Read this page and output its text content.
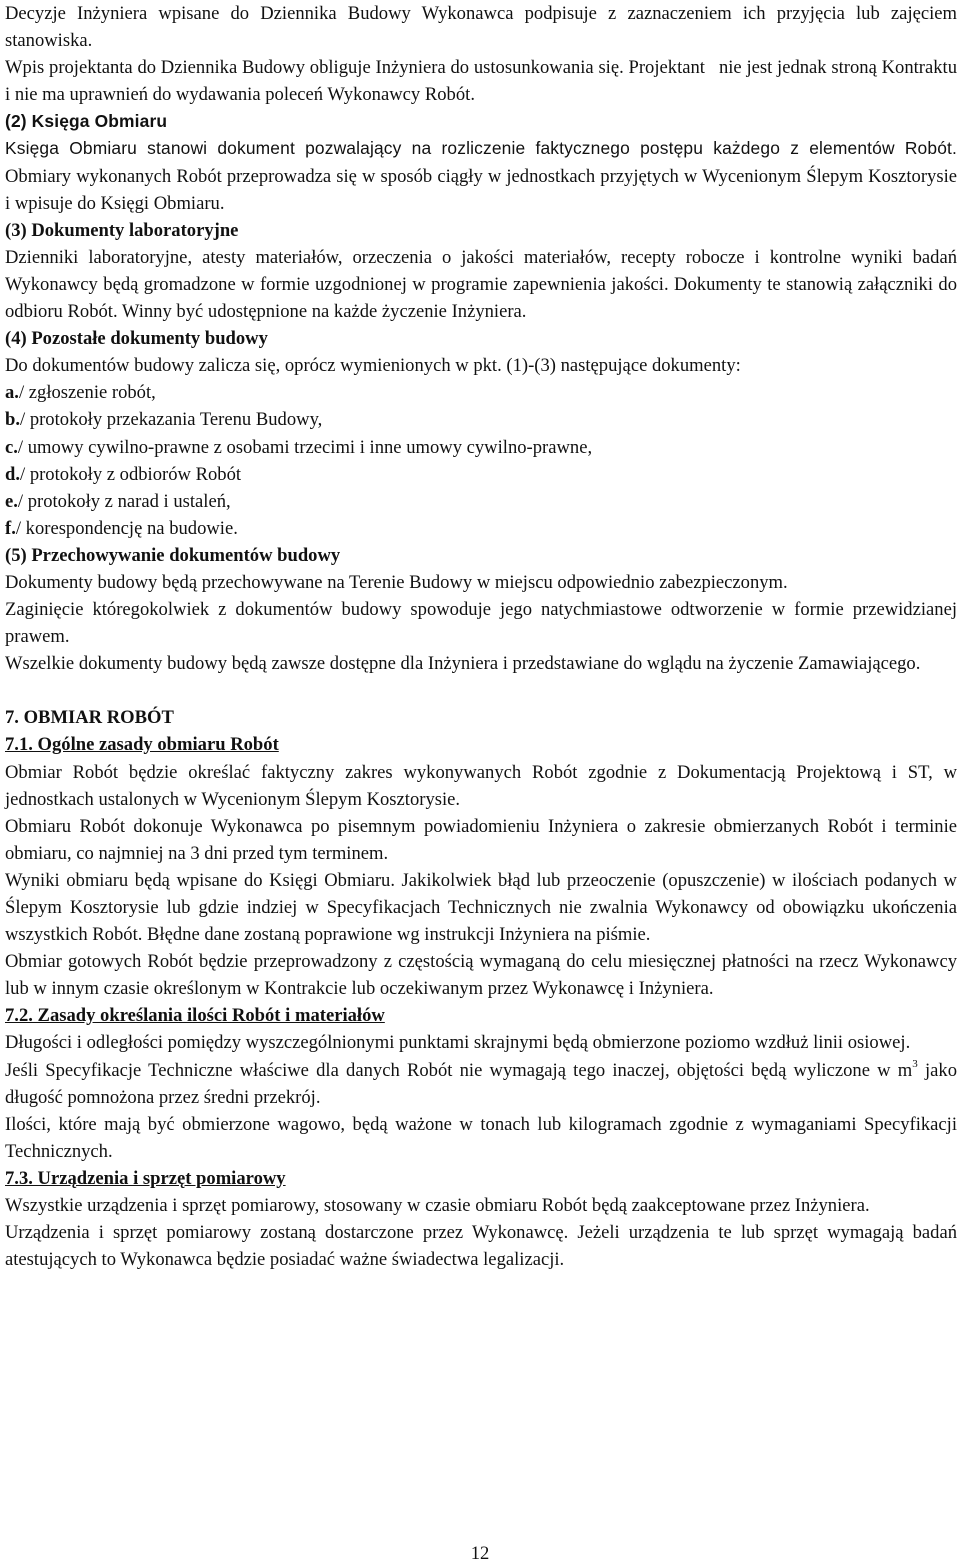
Decyzje Inżyniera wpisane do Dziennika Budowy Wykonawca podpisuje z zaznaczeniem ich przyjęcia lub zajęciem stanowiska.

Wpis projektanta do Dziennika Budowy obliguje Inżyniera do ustosunkowania się. Projektant nie jest jednak stroną Kontraktu i nie ma uprawnień do wydawania poleceń Wykonawcy Robót.

(2) Księga Obmiaru

Księga Obmiaru stanowi dokument pozwalający na rozliczenie faktycznego postępu każdego z elementów Robót. Obmiary wykonanych Robót przeprowadza się w sposób ciągły w jednostkach przyjętych w Wycenionym Ślepym Kosztorysie i wpisuje do Księgi Obmiaru.

(3) Dokumenty laboratoryjne

Dzienniki laboratoryjne, atesty materiałów, orzeczenia o jakości materiałów, recepty robocze i kontrolne wyniki badań Wykonawcy będą gromadzone w formie uzgodnionej w programie zapewnienia jakości. Dokumenty te stanowią załączniki do odbioru Robót. Winny być udostępnione na każde życzenie Inżyniera.

(4) Pozostałe dokumenty budowy

Do dokumentów budowy zalicza się, oprócz wymienionych w pkt. (1)-(3) następujące dokumenty:

a./ zgłoszenie robót,

b./ protokoły przekazania Terenu Budowy,

c./ umowy cywilno-prawne z osobami trzecimi i inne umowy cywilno-prawne,

d./ protokoły z odbiorów Robót

e./ protokoły z narad i ustaleń,

f./ korespondencję na budowie.

(5) Przechowywanie dokumentów budowy

Dokumenty budowy będą przechowywane na Terenie Budowy w miejscu odpowiednio zabezpieczonym.

Zaginięcie któregokolwiek z dokumentów budowy spowoduje jego natychmiastowe odtworzenie w formie przewidzianej prawem.

Wszelkie dokumenty budowy będą zawsze dostępne dla Inżyniera i przedstawiane do wglądu na życzenie Zamawiającego.

7. OBMIAR ROBÓT

7.1. Ogólne zasady obmiaru Robót

Obmiar Robót będzie określać faktyczny zakres wykonywanych Robót zgodnie z Dokumentacją Projektową i ST, w jednostkach ustalonych w Wycenionym Ślepym Kosztorysie.

Obmiaru Robót dokonuje Wykonawca po pisemnym powiadomieniu Inżyniera o zakresie obmierzanych Robót i terminie obmiaru, co najmniej na 3 dni przed tym terminem.

Wyniki obmiaru będą wpisane do Księgi Obmiaru. Jakikolwiek błąd lub przeoczenie (opuszczenie) w ilościach podanych w Ślepym Kosztorysie lub gdzie indziej w Specyfikacjach Technicznych nie zwalnia Wykonawcy od obowiązku ukończenia wszystkich Robót. Błędne dane zostaną poprawione wg instrukcji Inżyniera na piśmie.

Obmiar gotowych Robót będzie przeprowadzony z częstością wymaganą do celu miesięcznej płatności na rzecz Wykonawcy lub w innym czasie określonym w Kontrakcie lub oczekiwanym przez Wykonawcę i Inżyniera.

7.2. Zasady określania ilości Robót i materiałów

Długości i odległości pomiędzy wyszczególnionymi punktami skrajnymi będą obmierzone poziomo wzdłuż linii osiowej.

Jeśli Specyfikacje Techniczne właściwe dla danych Robót nie wymagają tego inaczej, objętości będą wyliczone w $m^3$ jako długość pomnożona przez średni przekrój.

Ilości, które mają być obmierzone wagowo, będą ważone w tonach lub kilogramach zgodnie z wymaganiami Specyfikacji Technicznych.

7.3. Urządzenia i sprzęt pomiarowy

Wszystkie urządzenia i sprzęt pomiarowy, stosowany w czasie obmiaru Robót będą zaakceptowane przez Inżyniera.

Urządzenia i sprzęt pomiarowy zostaną dostarczone przez Wykonawcę. Jeżeli urządzenia te lub sprzęt wymagają badań atestujących to Wykonawca będzie posiadać ważne świadectwa legalizacji.

12
